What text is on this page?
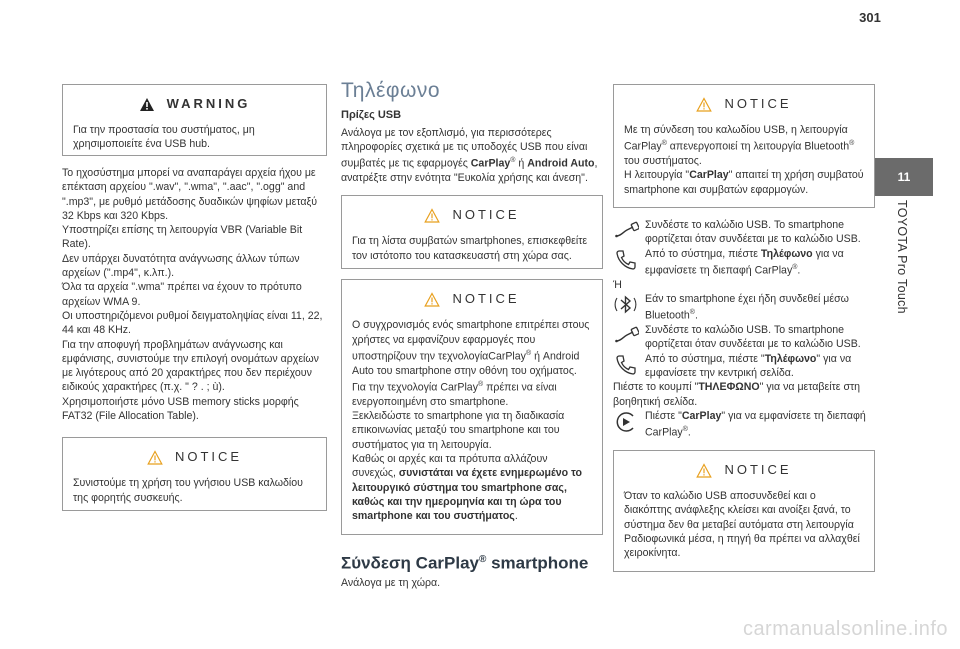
301
11
TOYOTA Pro Touch
WARNING

Για την προστασία του συστήματος, μη χρησιμοποιείτε ένα USB hub.

Το ηχοσύστημα μπορεί να αναπαράγει αρχεία ήχου με επέκταση αρχείου ".wav", ".wma", ".aac", ".ogg" and ".mp3", με ρυθμό μετάδοσης δυαδικών ψηφίων μεταξύ 32 Kbps και 320 Kbps.

Υποστηρίζει επίσης τη λειτουργία VBR (Variable Bit Rate).

Δεν υπάρχει δυνατότητα ανάγνωσης άλλων τύπων αρχείων (".mp4", κ.λπ.).

Όλα τα αρχεία ".wma" πρέπει να έχουν το πρότυπο αρχείων WMA 9.

Οι υποστηριζόμενοι ρυθμοί δειγματοληψίας είναι 11, 22, 44 και 48 KHz.

Για την αποφυγή προβλημάτων ανάγνωσης και εμφάνισης, συνιστούμε την επιλογή ονομάτων αρχείων με λιγότερους από 20 χαρακτήρες που δεν περιέχουν ειδικούς χαρακτήρες (π.χ. " ? . ; ù).

Χρησιμοποιήστε μόνο USB memory sticks μορφής FAT32 (File Allocation Table).

NOTICE

Συνιστούμε τη χρήση του γνήσιου USB καλωδίου της φορητής συσκευής.

Τηλέφωνο
Πρίζες USB

Ανάλογα με τον εξοπλισμό, για περισσότερες πληροφορίες σχετικά με τις υποδοχές USB που είναι συμβατές με τις εφαρμογές CarPlay® ή Android Auto, ανατρέξτε στην ενότητα "Ευκολία χρήσης και άνεση".

NOTICE

Για τη λίστα συμβατών smartphones, επισκεφθείτε τον ιστότοπο του κατασκευαστή στη χώρα σας.

NOTICE

Ο συγχρονισμός ενός smartphone επιτρέπει στους χρήστες να εμφανίζουν εφαρμογές που υποστηρίζουν την τεχνολογίαCarPlay® ή Android Auto του smartphone στην οθόνη του οχήματος. Για την τεχνολογία CarPlay® πρέπει να είναι ενεργοποιημένη στο smartphone.

Ξεκλειδώστε το smartphone για τη διαδικασία επικοινωνίας μεταξύ του smartphone και του συστήματος για τη λειτουργία.

Καθώς οι αρχές και τα πρότυπα αλλάζουν συνεχώς, συνιστάται να έχετε ενημερωμένο το λειτουργικό σύστημα του smartphone σας, καθώς και την ημερομηνία και τη ώρα του smartphone και του συστήματος.

Σύνδεση CarPlay® smartphone

Ανάλογα με τη χώρα.

NOTICE

Με τη σύνδεση του καλωδίου USB, η λειτουργία CarPlay® απενεργοποιεί τη λειτουργία Bluetooth® του συστήματος.

Η λειτουργία "CarPlay" απαιτεί τη χρήση συμβατού smartphone και συμβατών εφαρμογών.

Συνδέστε το καλώδιο USB. Το smartphone φορτίζεται όταν συνδέεται με το καλώδιο USB.

Από το σύστημα, πιέστε Τηλέφωνο για να εμφανίσετε τη διεπαφή CarPlay®.

Ή

Εάν το smartphone έχει ήδη συνδεθεί μέσω Bluetooth®.

Συνδέστε το καλώδιο USB. Το smartphone φορτίζεται όταν συνδέεται με το καλώδιο USB.

Από το σύστημα, πιέστε "Τηλέφωνο" για να εμφανίσετε την κεντρική σελίδα.

Πιέστε το κουμπί "ΤΗΛΕΦΩΝΟ" για να μεταβείτε στη βοηθητική σελίδα.

Πιέστε "CarPlay" για να εμφανίσετε τη διεπαφή CarPlay®.

NOTICE

Όταν το καλώδιο USB αποσυνδεθεί και ο διακόπτης ανάφλεξης κλείσει και ανοίξει ξανά, το σύστημα δεν θα μεταβεί αυτόματα στη λειτουργία Ραδιοφωνικά μέσα, η πηγή θα πρέπει να αλλαχθεί χειροκίνητα.

carmanualsonline.info
